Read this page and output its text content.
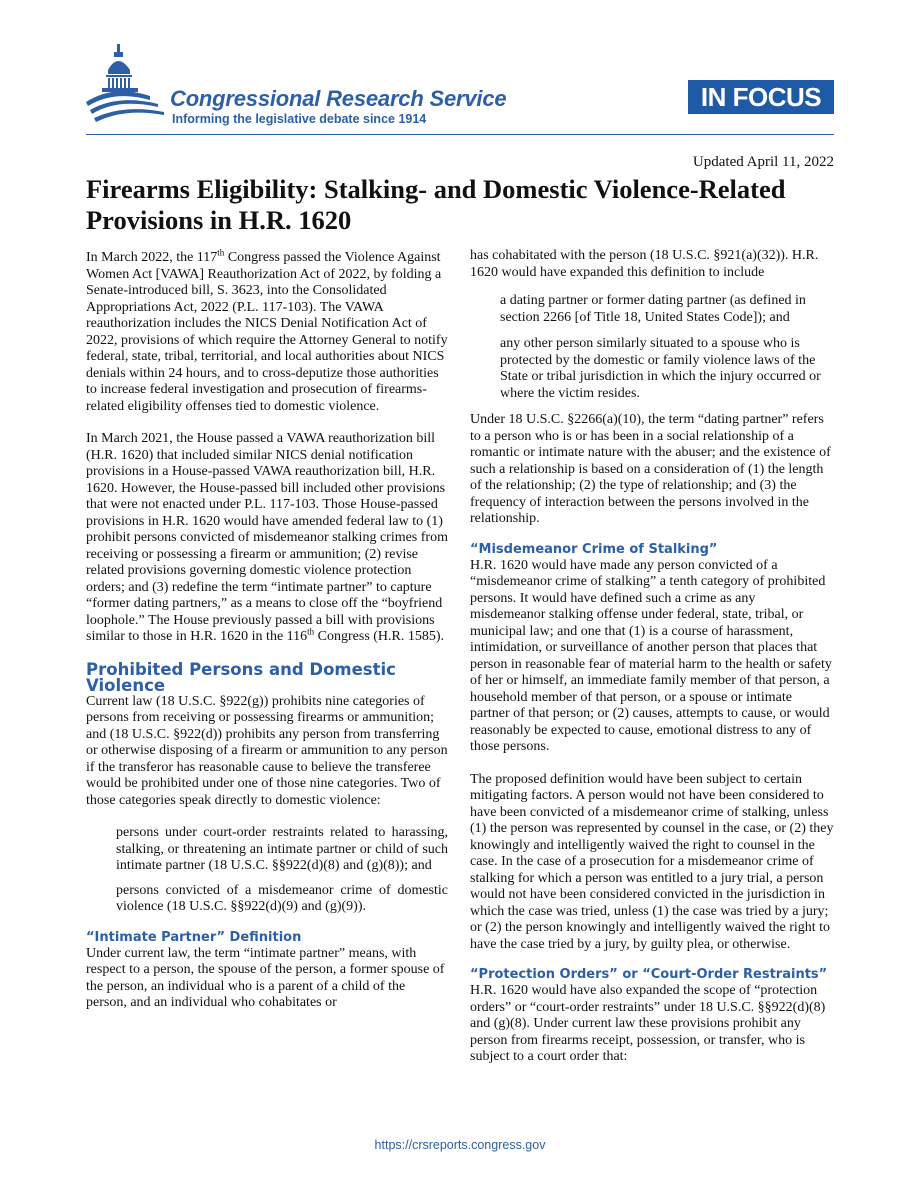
Congressional Research Service
Informing the legislative debate since 1914
IN FOCUS
Updated April 11, 2022
Firearms Eligibility: Stalking- and Domestic Violence-Related Provisions in H.R. 1620

In March 2022, the 117th Congress passed the Violence Against Women Act [VAWA] Reauthorization Act of 2022, by folding a Senate-introduced bill, S. 3623, into the Consolidated Appropriations Act, 2022 (P.L. 117-103). The VAWA reauthorization includes the NICS Denial Notification Act of 2022, provisions of which require the Attorney General to notify federal, state, tribal, territorial, and local authorities about NICS denials within 24 hours, and to cross-deputize those authorities to increase federal investigation and prosecution of firearms-related eligibility offenses tied to domestic violence.

In March 2021, the House passed a VAWA reauthorization bill (H.R. 1620) that included similar NICS denial notification provisions in a House-passed VAWA reauthorization bill, H.R. 1620. However, the House-passed bill included other provisions that were not enacted under P.L. 117-103. Those House-passed provisions in H.R. 1620 would have amended federal law to (1) prohibit persons convicted of misdemeanor stalking crimes from receiving or possessing a firearm or ammunition; (2) revise related provisions governing domestic violence protection orders; and (3) redefine the term “intimate partner” to capture “former dating partners,” as a means to close off the “boyfriend loophole.” The House previously passed a bill with provisions similar to those in H.R. 1620 in the 116th Congress (H.R. 1585).

Prohibited Persons and Domestic Violence

Current law (18 U.S.C. §922(g)) prohibits nine categories of persons from receiving or possessing firearms or ammunition; and (18 U.S.C. §922(d)) prohibits any person from transferring or otherwise disposing of a firearm or ammunition to any person if the transferor has reasonable cause to believe the transferee would be prohibited under one of those nine categories. Two of those categories speak directly to domestic violence:

persons under court-order restraints related to harassing, stalking, or threatening an intimate partner or child of such intimate partner (18 U.S.C. §§922(d)(8) and (g)(8)); and

persons convicted of a misdemeanor crime of domestic violence (18 U.S.C. §§922(d)(9) and (g)(9)).

“Intimate Partner” Definition

Under current law, the term “intimate partner” means, with respect to a person, the spouse of the person, a former spouse of the person, an individual who is a parent of a child of the person, and an individual who cohabitates or

has cohabitated with the person (18 U.S.C. §921(a)(32)). H.R. 1620 would have expanded this definition to include

a dating partner or former dating partner (as defined in section 2266 [of Title 18, United States Code]); and

any other person similarly situated to a spouse who is protected by the domestic or family violence laws of the State or tribal jurisdiction in which the injury occurred or where the victim resides.

Under 18 U.S.C. §2266(a)(10), the term “dating partner” refers to a person who is or has been in a social relationship of a romantic or intimate nature with the abuser; and the existence of such a relationship is based on a consideration of (1) the length of the relationship; (2) the type of relationship; and (3) the frequency of interaction between the persons involved in the relationship.

“Misdemeanor Crime of Stalking”

H.R. 1620 would have made any person convicted of a “misdemeanor crime of stalking” a tenth category of prohibited persons. It would have defined such a crime as any misdemeanor stalking offense under federal, state, tribal, or municipal law; and one that (1) is a course of harassment, intimidation, or surveillance of another person that places that person in reasonable fear of material harm to the health or safety of her or himself, an immediate family member of that person, a household member of that person, or a spouse or intimate partner of that person; or (2) causes, attempts to cause, or would reasonably be expected to cause, emotional distress to any of those persons.

The proposed definition would have been subject to certain mitigating factors. A person would not have been considered to have been convicted of a misdemeanor crime of stalking, unless (1) the person was represented by counsel in the case, or (2) they knowingly and intelligently waived the right to counsel in the case. In the case of a prosecution for a misdemeanor crime of stalking for which a person was entitled to a jury trial, a person would not have been considered convicted in the jurisdiction in which the case was tried, unless (1) the case was tried by a jury; or (2) the person knowingly and intelligently waived the right to have the case tried by a jury, by guilty plea, or otherwise.

“Protection Orders” or “Court-Order Restraints”

H.R. 1620 would have also expanded the scope of “protection orders” or “court-order restraints” under 18 U.S.C. §§922(d)(8) and (g)(8). Under current law these provisions prohibit any person from firearms receipt, possession, or transfer, who is subject to a court order that:

https://crsreports.congress.gov
